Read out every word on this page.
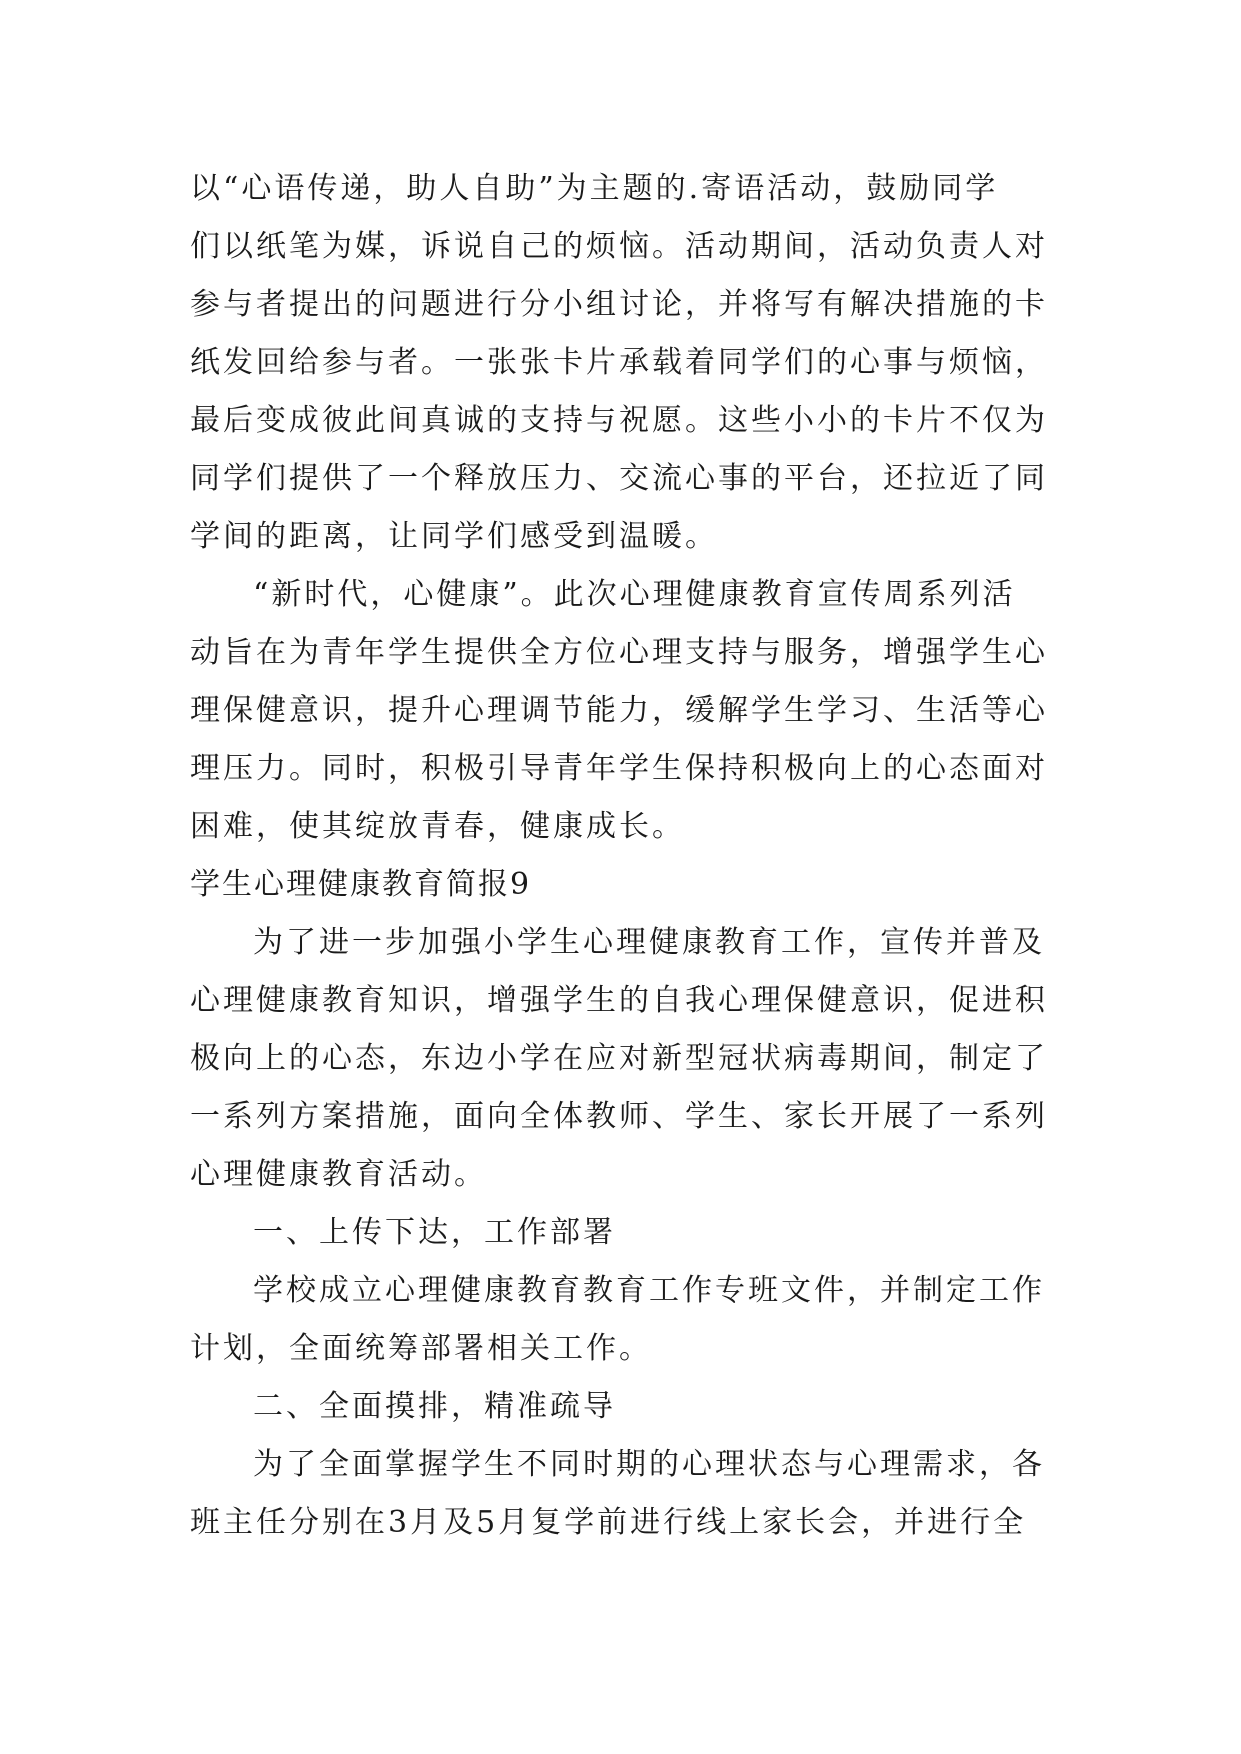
以“心语传递，助人自助”为主题的.寄语活动，鼓励同学
们以纸笔为媒，诉说自己的烦恼。活动期间，活动负责人对
参与者提出的问题进行分小组讨论，并将写有解决措施的卡
纸发回给参与者。一张张卡片承载着同学们的心事与烦恼，
最后变成彼此间真诚的支持与祝愿。这些小小的卡片不仅为
同学们提供了一个释放压力、交流心事的平台，还拉近了同
学间的距离，让同学们感受到温暖。
“新时代，心健康”。此次心理健康教育宣传周系列活
动旨在为青年学生提供全方位心理支持与服务，增强学生心
理保健意识，提升心理调节能力，缓解学生学习、生活等心
理压力。同时，积极引导青年学生保持积极向上的心态面对
困难，使其绽放青春，健康成长。
学生心理健康教育简报9
为了进一步加强小学生心理健康教育工作，宣传并普及
心理健康教育知识，增强学生的自我心理保健意识，促进积
极向上的心态，东边小学在应对新型冠状病毒期间，制定了
一系列方案措施，面向全体教师、学生、家长开展了一系列
心理健康教育活动。
一、上传下达，工作部署
学校成立心理健康教育教育工作专班文件，并制定工作
计划，全面统筹部署相关工作。
二、全面摸排，精准疏导
为了全面掌握学生不同时期的心理状态与心理需求，各
班主任分别在3月及5月复学前进行线上家长会，并进行全
